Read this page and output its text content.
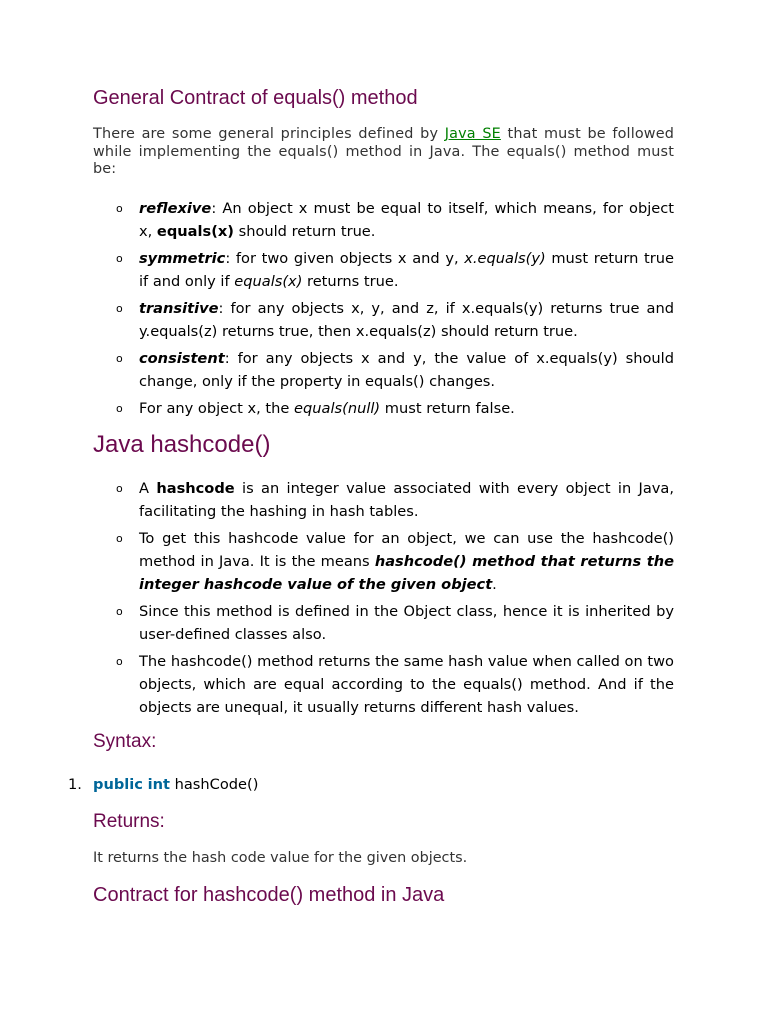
General Contract of equals() method

There are some general principles defined by Java SE that must be followed while implementing the equals() method in Java. The equals() method must be:

o reflexive: An object x must be equal to itself, which means, for object x, equals(x) should return true.
o symmetric: for two given objects x and y, x.equals(y) must return true if and only if equals(x) returns true.
o transitive: for any objects x, y, and z, if x.equals(y) returns true and y.equals(z) returns true, then x.equals(z) should return true.
o consistent: for any objects x and y, the value of x.equals(y) should change, only if the property in equals() changes.
o For any object x, the equals(null) must return false.
Java hashcode()
o A hashcode is an integer value associated with every object in Java, facilitating the hashing in hash tables.
o To get this hashcode value for an object, we can use the hashcode() method in Java. It is the means hashcode() method that returns the integer hashcode value of the given object.
o Since this method is defined in the Object class, hence it is inherited by user-defined classes also.
o The hashcode() method returns the same hash value when called on two objects, which are equal according to the equals() method. And if the objects are unequal, it usually returns different hash values.
Syntax:
1. public int hashCode()
Returns:

It returns the hash code value for the given objects.

Contract for hashcode() method in Java
